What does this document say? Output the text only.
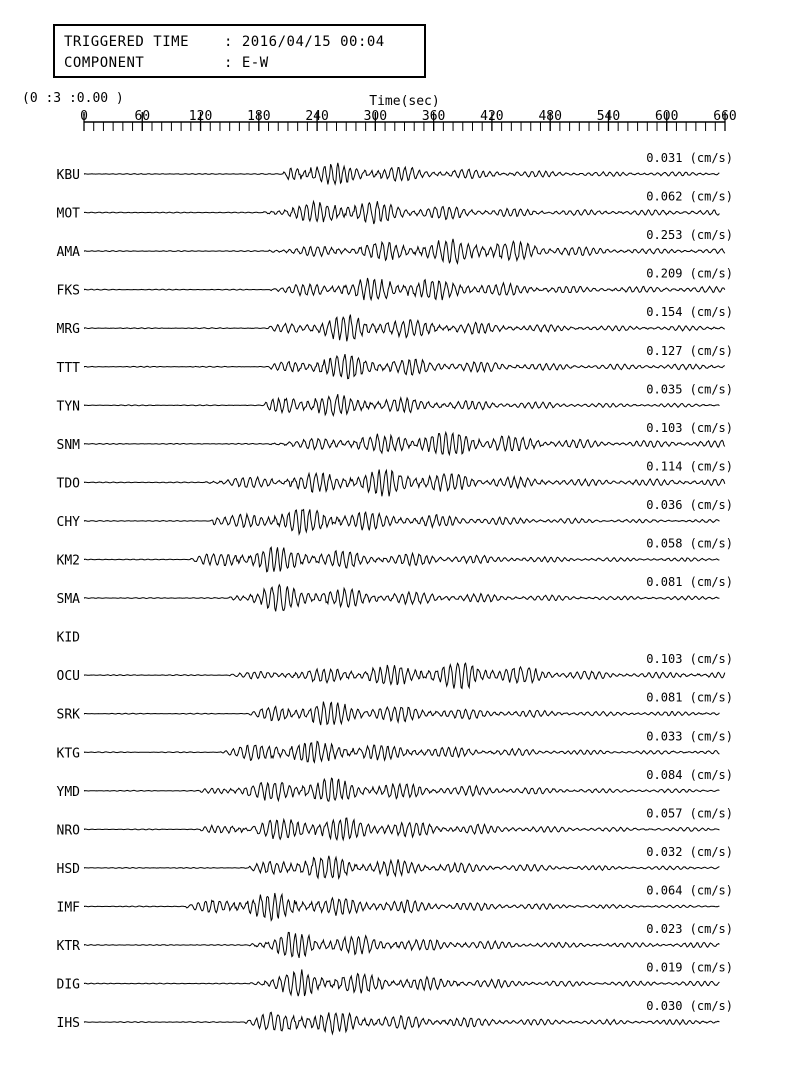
TRIGGERED TIME : 2016/04/15 00:04
COMPONENT	: E-W
(0 :3 :0.00 )	Time(sec)
0	60	120	180	240	300	360	420	480	540	600	660
KBU
0.031 (cm/s)
MOT
0.062 (cm/s)
AMA
0.253 (cm/s)
FKS
0.209 (cm/s)
MRG
0.154 (cm/s)
TTT
0.127 (cm/s)
TYN
0.035 (cm/s)
SNM
0.103 (cm/s)
TDO
0.114 (cm/s)
CHY
0.036 (cm/s)
KM2
0.058 (cm/s)
SMA
0.081 (cm/s)
KID
OCU
0.103 (cm/s)
SRK
0.081 (cm/s)
KTG
0.033 (cm/s)
YMD
0.084 (cm/s)
NRO
0.057 (cm/s)
HSD
0.032 (cm/s)
IMF
0.064 (cm/s)
KTR
0.023 (cm/s)
DIG
0.019 (cm/s)
IHS
0.030 (cm/s)
